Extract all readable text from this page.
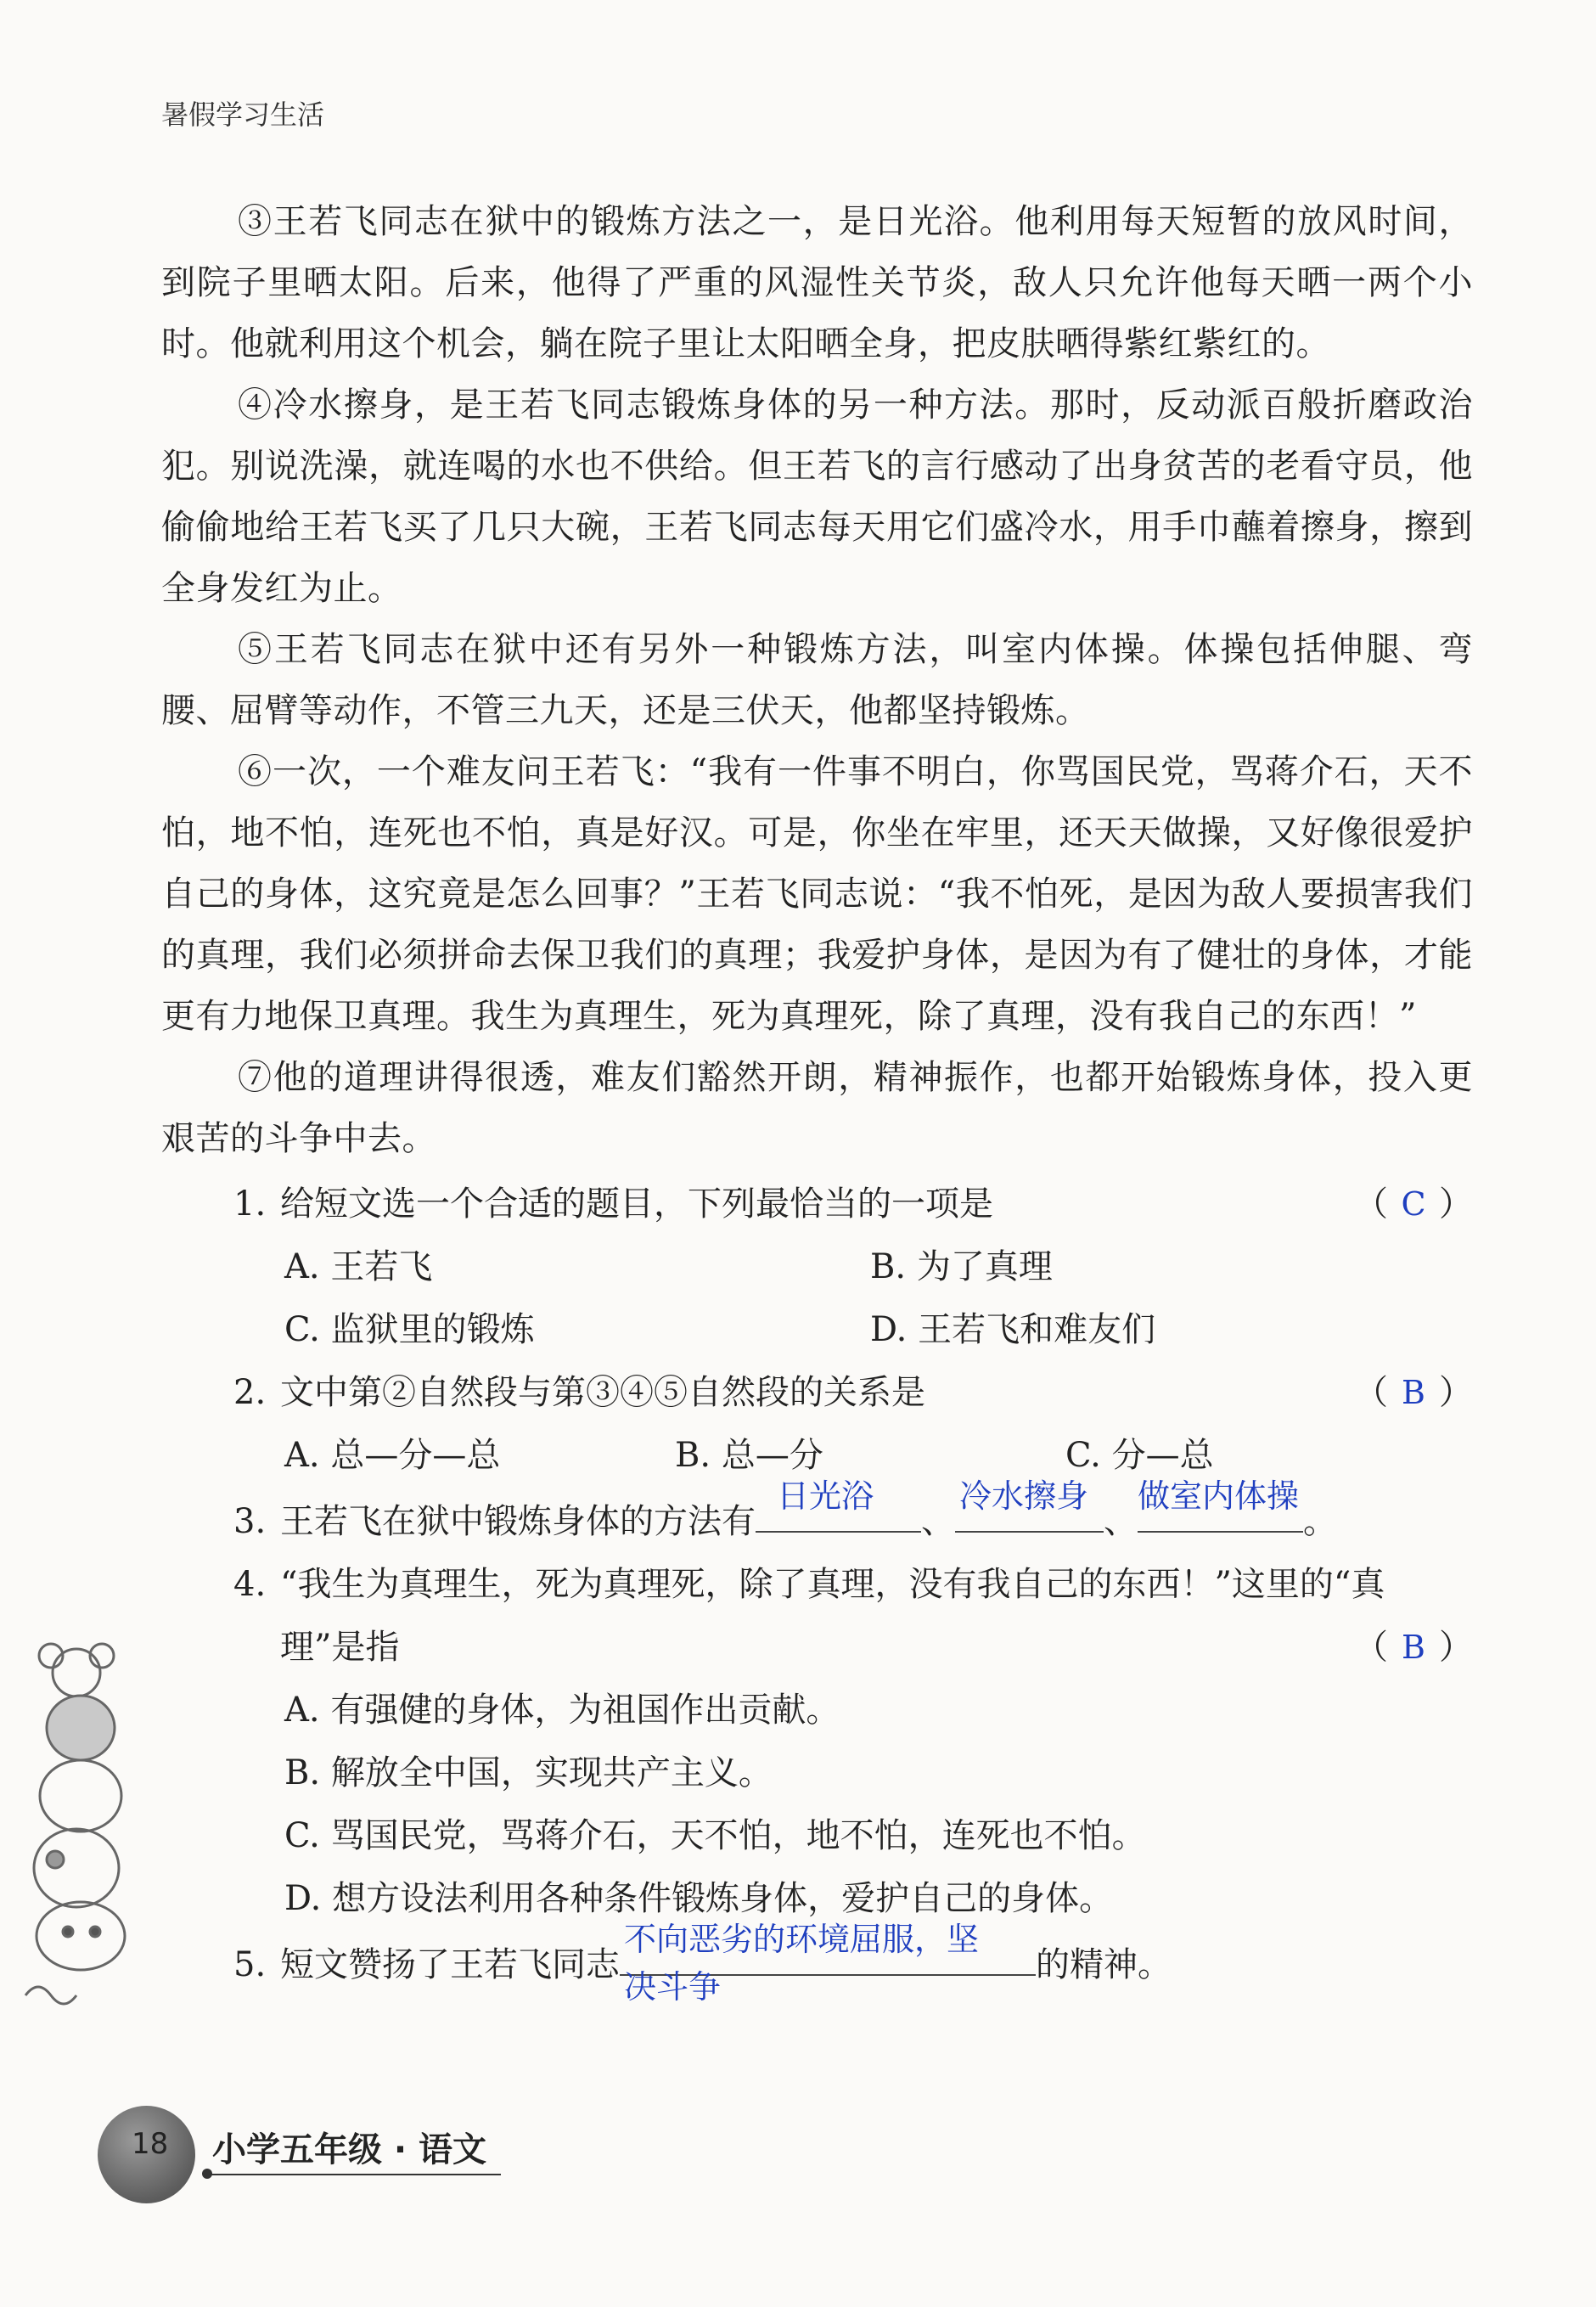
暑假学习生活

③王若飞同志在狱中的锻炼方法之一，是日光浴。他利用每天短暂的放风时间，到院子里晒太阳。后来，他得了严重的风湿性关节炎，敌人只允许他每天晒一两个小时。他就利用这个机会，躺在院子里让太阳晒全身，把皮肤晒得紫红紫红的。

④冷水擦身，是王若飞同志锻炼身体的另一种方法。那时，反动派百般折磨政治犯。别说洗澡，就连喝的水也不供给。但王若飞的言行感动了出身贫苦的老看守员，他偷偷地给王若飞买了几只大碗，王若飞同志每天用它们盛冷水，用手巾蘸着擦身，擦到全身发红为止。

⑤王若飞同志在狱中还有另外一种锻炼方法，叫室内体操。体操包括伸腿、弯腰、屈臂等动作，不管三九天，还是三伏天，他都坚持锻炼。

⑥一次，一个难友问王若飞：“我有一件事不明白，你骂国民党，骂蒋介石，天不怕，地不怕，连死也不怕，真是好汉。可是，你坐在牢里，还天天做操，又好像很爱护自己的身体，这究竟是怎么回事？”王若飞同志说：“我不怕死，是因为敌人要损害我们的真理，我们必须拼命去保卫我们的真理；我爱护身体，是因为有了健壮的身体，才能更有力地保卫真理。我生为真理生，死为真理死，除了真理，没有我自己的东西！”

⑦他的道理讲得很透，难友们豁然开朗，精神振作，也都开始锻炼身体，投入更艰苦的斗争中去。

1. 给短文选一个合适的题目，下列最恰当的一项是	（ C ）
A. 王若飞	B. 为了真理
C. 监狱里的锻炼	D. 王若飞和难友们
2. 文中第②自然段与第③④⑤自然段的关系是	（ B ）
A. 总—分—总	B. 总—分	C. 分—总
3. 王若飞在狱中锻炼身体的方法有
日光浴
、
冷水擦身
、
做室内体操
。
4. “我生为真理生，死为真理死，除了真理，没有我自己的东西！”这里的“真
理”是指	（ B ）
A. 有强健的身体，为祖国作出贡献。
B. 解放全中国，实现共产主义。
C. 骂国民党，骂蒋介石，天不怕，地不怕，连死也不怕。
D. 想方设法利用各种条件锻炼身体，爱护自己的身体。
5. 短文赞扬了王若飞同志
不向恶劣的环境屈服，坚
决斗争
的精神。
18 小学五年级 · 语文
